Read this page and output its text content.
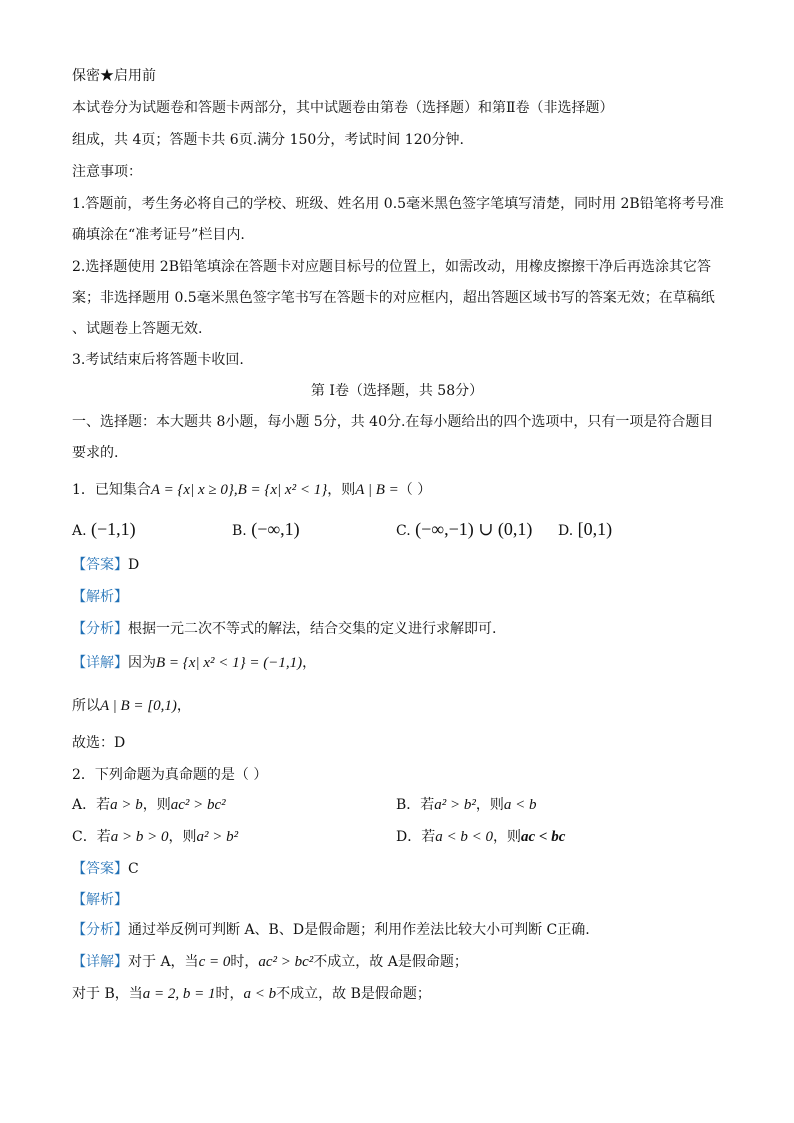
保密★启用前
本试卷分为试题卷和答题卡两部分，其中试题卷由第卷（选择题）和第Ⅱ卷（非选择题）
组成，共 4页；答题卡共 6页.满分 150分，考试时间 120分钟.
注意事项：
1.答题前，考生务必将自己的学校、班级、姓名用 0.5毫米黑色签字笔填写清楚，同时用 2B铅笔将考号准
确填涂在“准考证号”栏目内.
2.选择题使用 2B铅笔填涂在答题卡对应题目标号的位置上，如需改动，用橡皮擦擦干净后再选涂其它答
案；非选择题用 0.5毫米黑色签字笔书写在答题卡的对应框内，超出答题区域书写的答案无效；在草稿纸
、试题卷上答题无效.
3.考试结束后将答题卡收回.
第 I卷（选择题，共 58分）
一、选择题：本大题共 8小题，每小题 5分，共 40分.在每小题给出的四个选项中，只有一项是符合题目
要求的.
1．已知集合A = {x| x ≥ 0},B = {x| x² < 1}，则A | B =（ ）
A. (−1,1)	B. (−∞,1)	C. (−∞,−1) ∪ (0,1) D. [0,1)
【答案】D
【解析】
【分析】根据一元二次不等式的解法，结合交集的定义进行求解即可.
【详解】因为B = {x| x² < 1} = (−1,1)，
所以A | B = [0,1)，
故选：D
2．下列命题为真命题的是（ ）
A．若a > b，则ac² > bc²	B．若a² > b²，则a < b
C．若a > b > 0，则a² > b²	D．若a < b < 0，则ac < bc
【答案】C
【解析】
【分析】通过举反例可判断 A、B、D是假命题；利用作差法比较大小可判断 C正确.
【详解】对于 A，当c = 0时，ac² > bc²不成立，故 A是假命题；
对于 B，当a = 2, b = 1时，a < b不成立，故 B是假命题；
